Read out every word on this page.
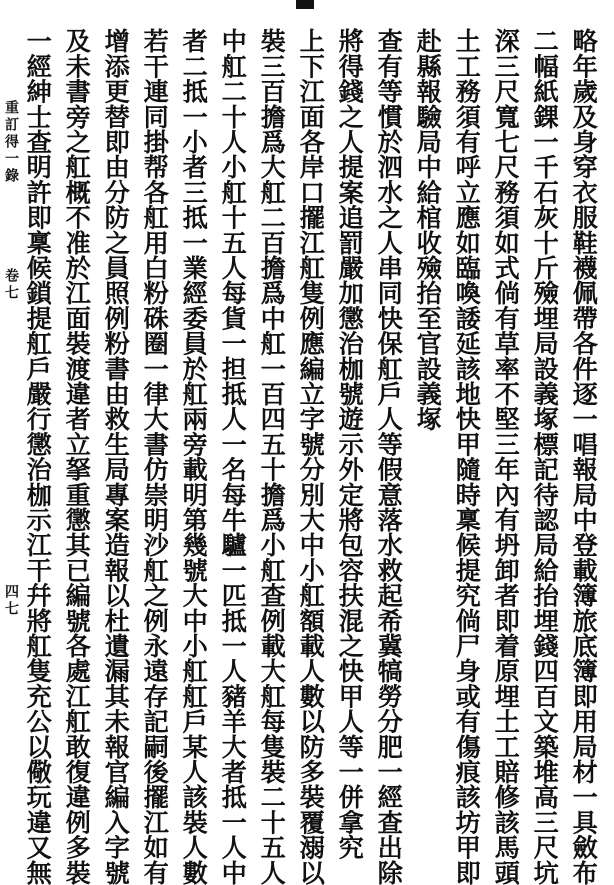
略年歲及身穿衣服鞋襪佩帶各件逐一唱報局中登載簿旅底簿即用局材一具斂布
二幅紙錁一千石灰十斤殮埋局設義塚標記待認局給抬埋錢四百文築堆高三尺坑
深三尺寬七尺務須如式倘有草率不堅三年內有坍卸者即着原埋土工賠修該馬頭
土工務須有呼立應如臨喚諉延該地快甲隨時稟候提究倘尸身或有傷痕該坊甲即
赴縣報驗局中給棺收殮抬至官設義塚
查有等慣於泗水之人串同快保舡戶人等假意落水救起希冀犒勞分肥一經查出除
將得錢之人提案追罰嚴加懲治枷號遊示外定將包容扶混之快甲人等一併拿究
上下江面各岸口擺江舡隻例應編立字號分別大中小舡額載人數以防多裝覆溺以
裝三百擔爲大舡二百擔爲中舡一百四五十擔爲小舡查例載大舡每隻裝二十五人
中舡二十人小舡十五人每貨一担抵人一名每牛驢一匹抵一人豬羊大者抵一人中
者二抵一小者三抵一業經委員於舡兩旁載明第幾號大中小舡舡戶某人該裝人數
若干連同掛帮各舡用白粉硃圈一律大書仿崇明沙舡之例永遠存記嗣後擺江如有
增添更替即由分防之員照例粉書由救生局專案造報以杜遺漏其未報官編入字號
及未書旁之舡概不准於江面裝渡違者立拏重懲其已編號各處江舡敢復違例多裝
一經紳士查明許即稟候鎖提舡戶嚴行懲治枷示江干幷將舡隻充公以儆玩違又無
重訂得一錄
卷七
四七
